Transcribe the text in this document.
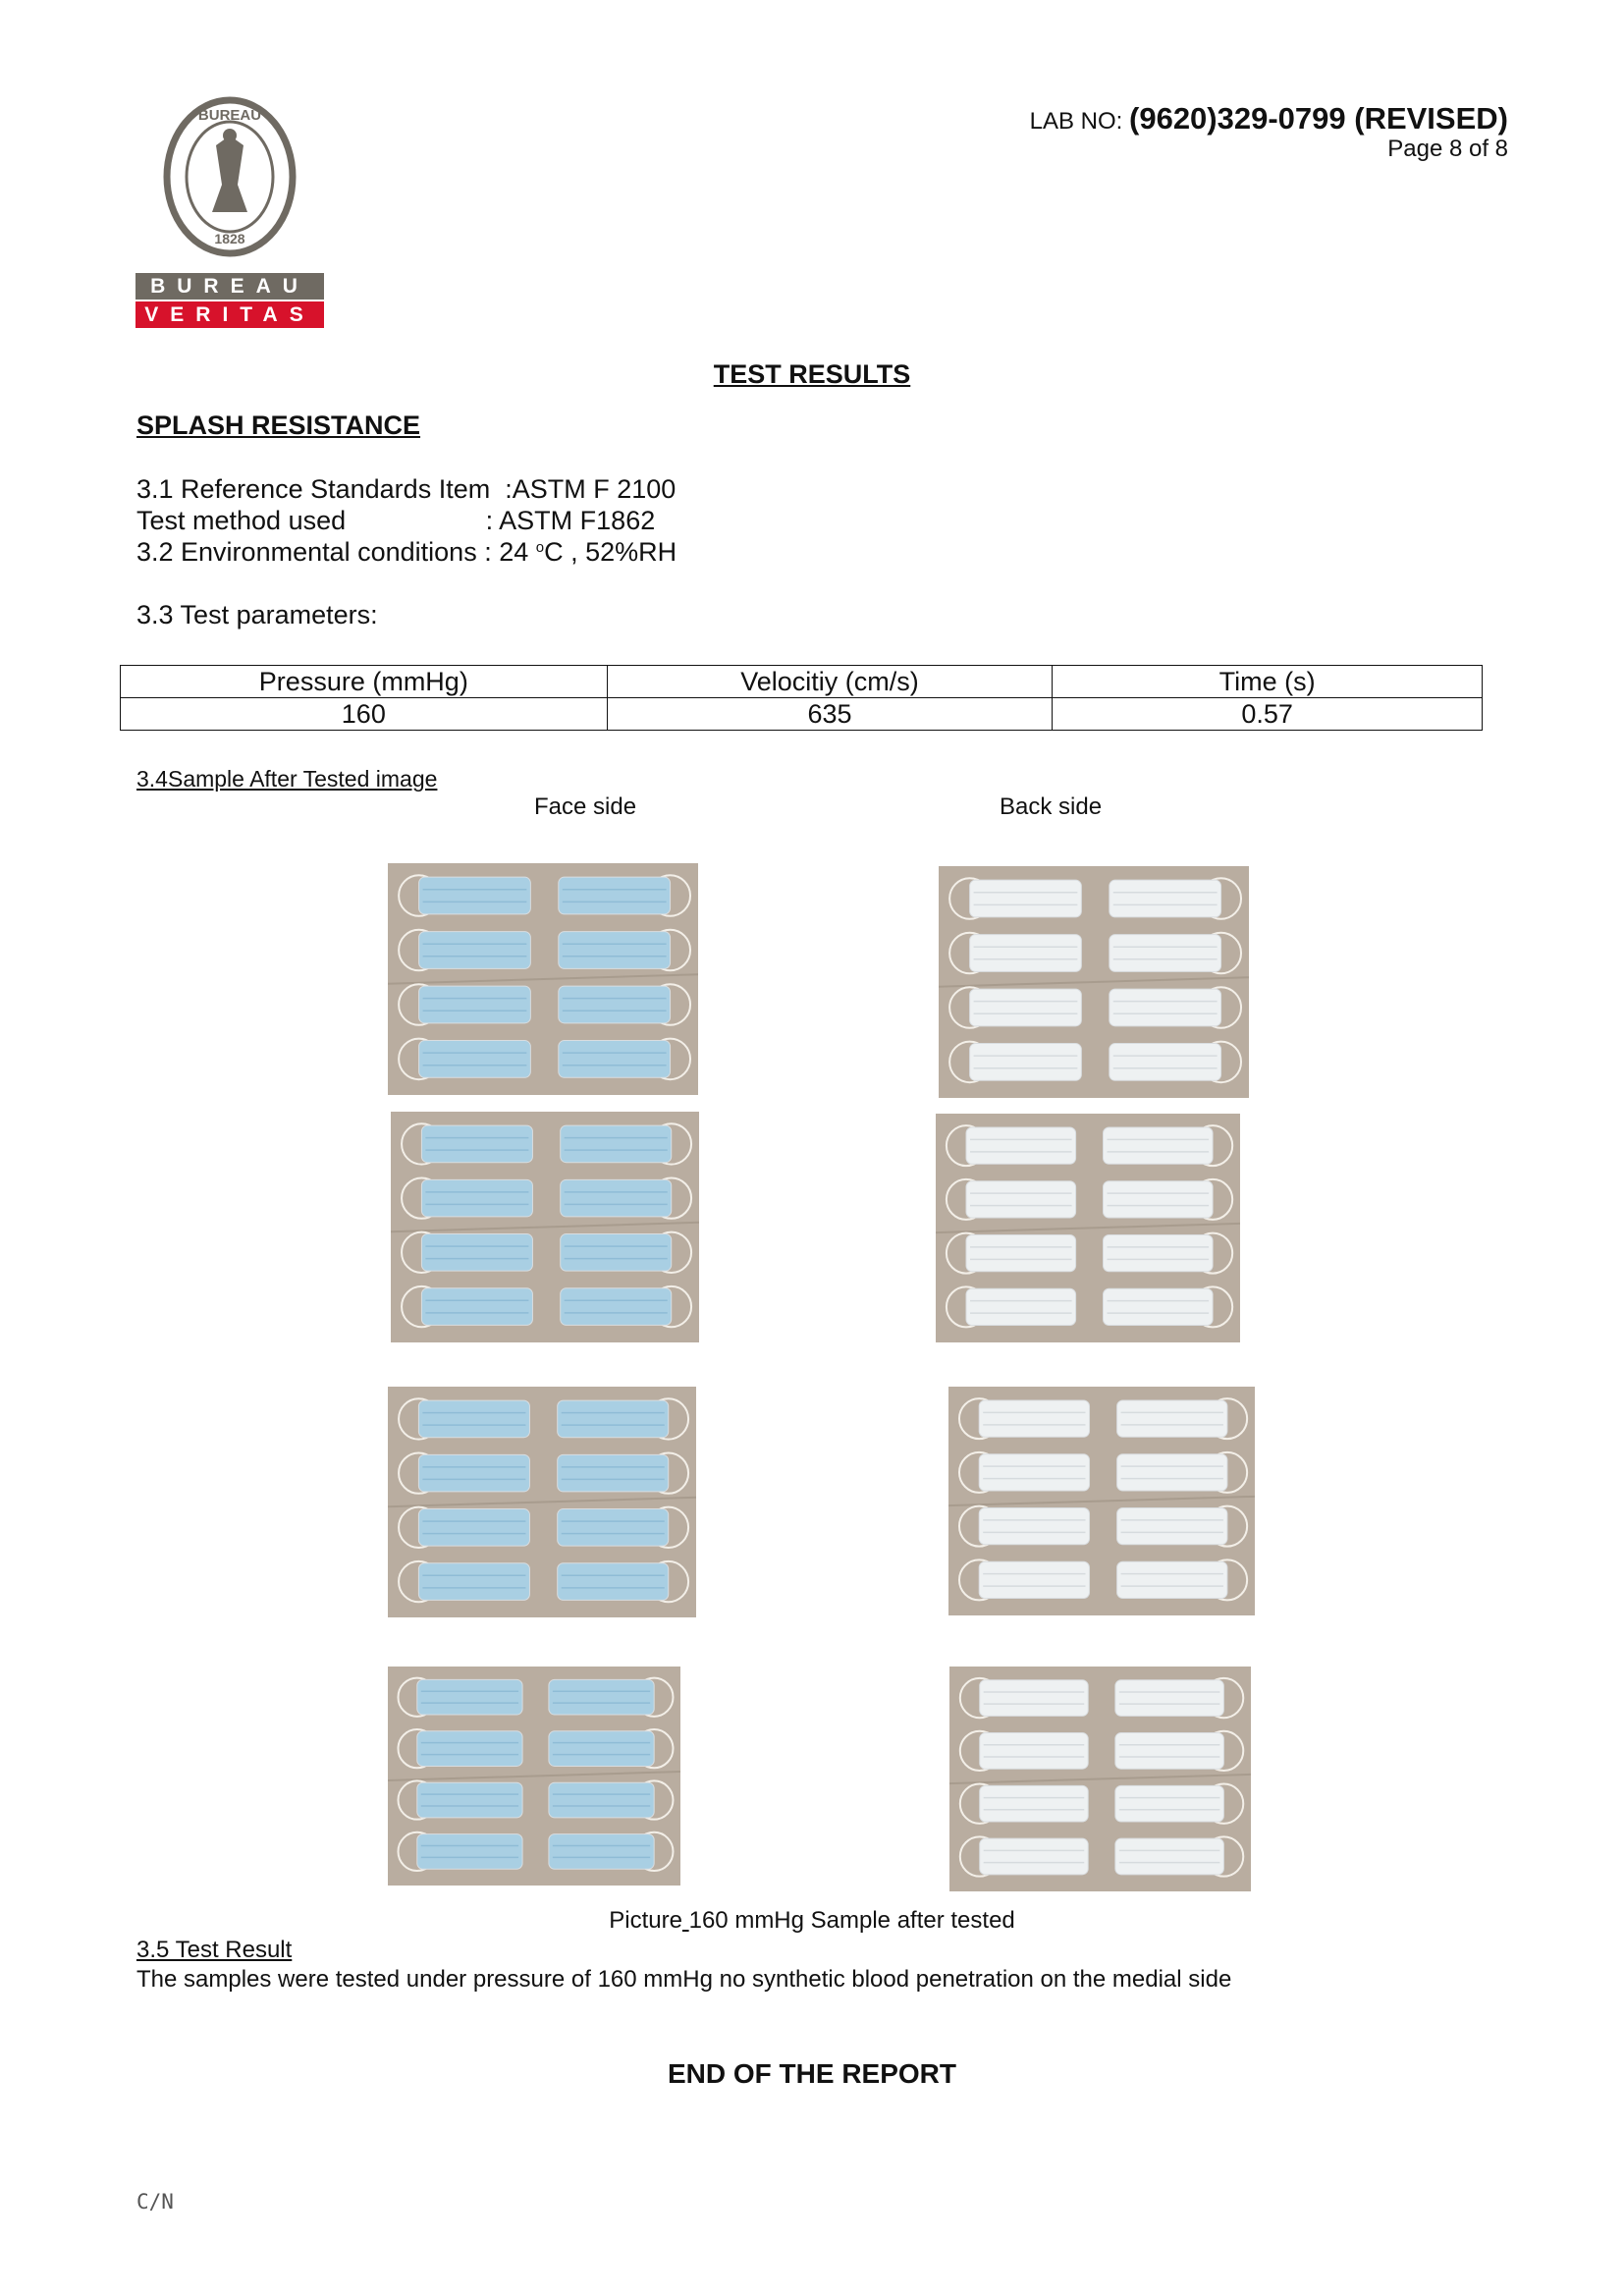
BUREAU
1828
BUREAU
VERITAS
LAB NO: (9620)329-0799 (REVISED)
Page 8 of 8
TEST RESULTS
SPLASH RESISTANCE
3.1 Reference Standards Item  :ASTM F 2100
Test method used                   : ASTM F1862
3.2 Environmental conditions : 24 $^o$C , 52%RH
3.3 Test parameters:
Pressure (mmHg)	Velocitiy (cm/s)	Time (s)
160	635	0.57
3.4Sample After Tested image
Face side	Back side
Picture 160 mmHg Sample after tested
3.5 Test Result
The samples were tested under pressure of 160 mmHg no synthetic blood penetration on the medial side
END OF THE REPORT
C/N
